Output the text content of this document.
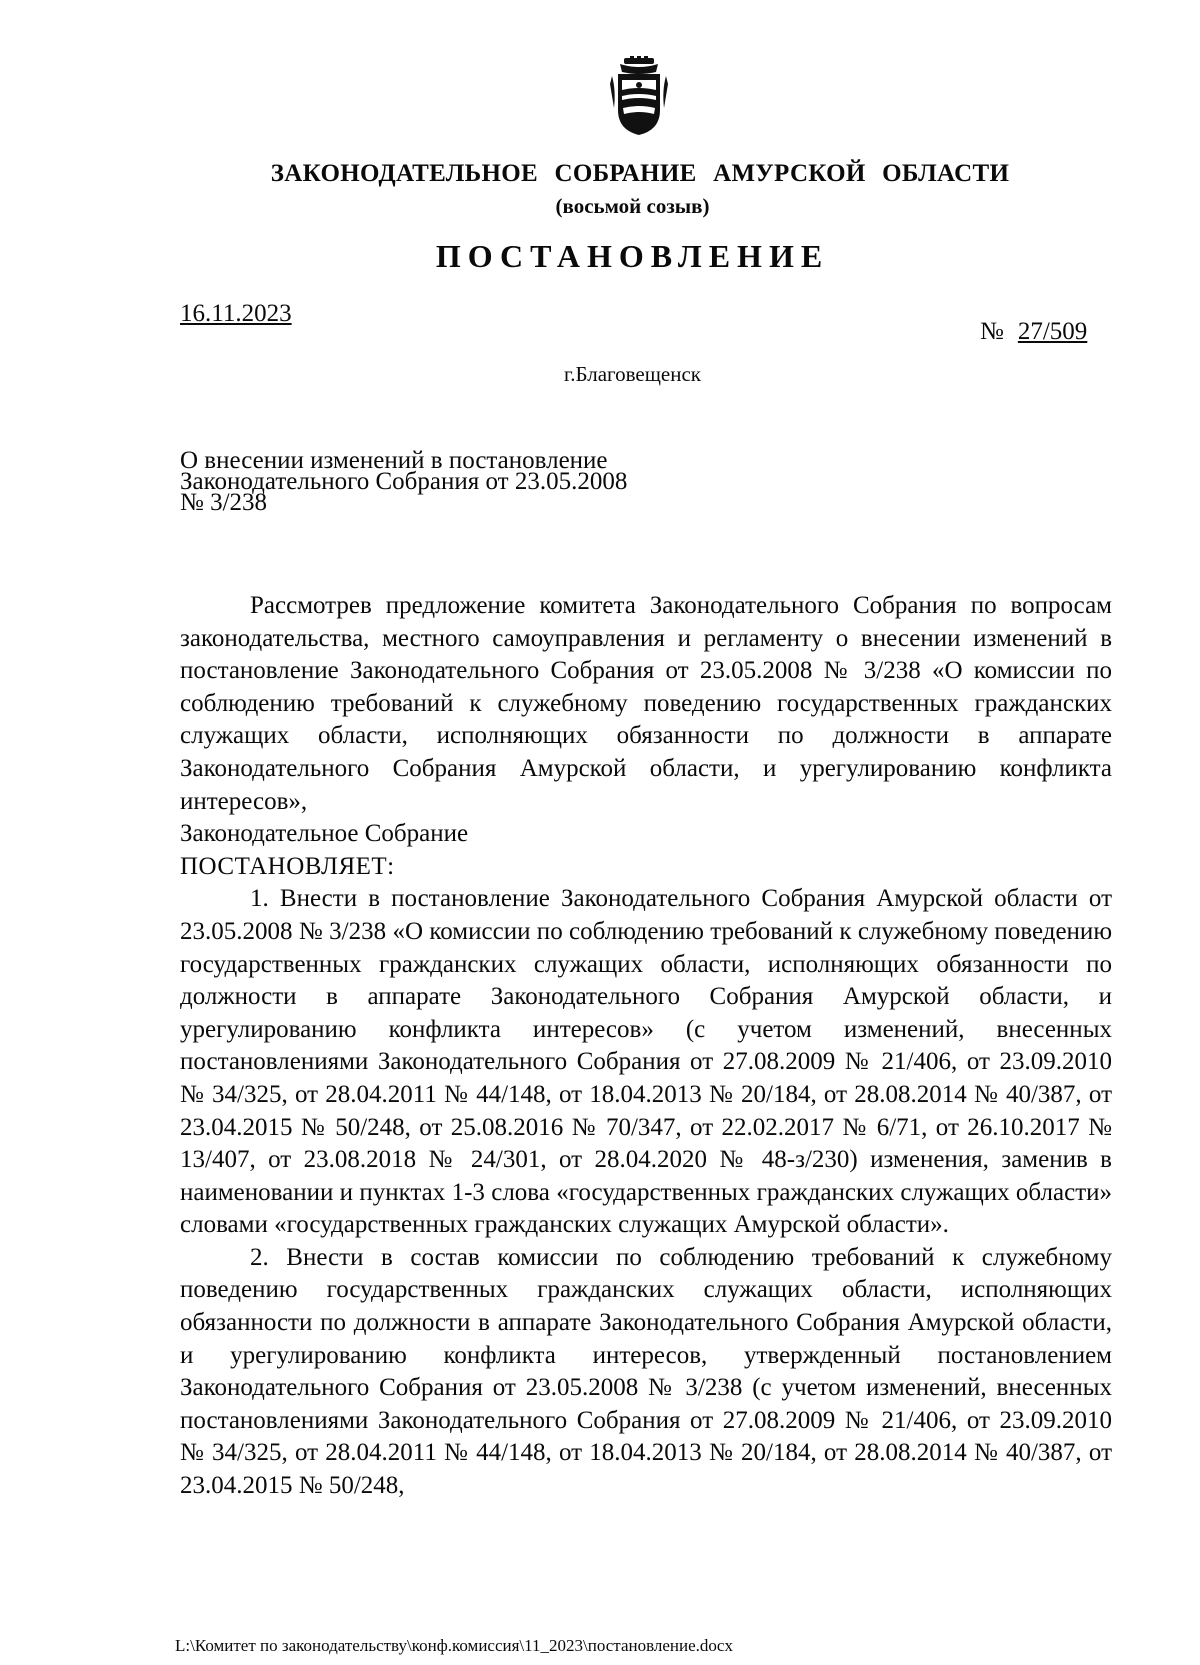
ЗАКОНОДАТЕЛЬНОЕ СОБРАНИЕ АМУРСКОЙ ОБЛАСТИ
(восьмой созыв)
ПОСТАНОВЛЕНИЕ
16.11.2023
№ 27/509
г.Благовещенск
О внесении изменений в постановление
Законодательного Собрания от 23.05.2008
№ 3/238

Рассмотрев предложение комитета Законодательного Собрания по вопросам законодательства, местного самоуправления и регламенту о внесении изменений в постановление Законодательного Собрания от 23.05.2008 № 3/238 «О комиссии по соблюдению требований к служебному поведению государственных гражданских служащих области, исполняющих обязанности по должности в аппарате Законодательного Собрания Амурской области, и урегулированию конфликта интересов»,

Законодательное Собрание

ПОСТАНОВЛЯЕТ:

1. Внести в постановление Законодательного Собрания Амурской области от 23.05.2008 № 3/238 «О комиссии по соблюдению требований к служебному поведению государственных гражданских служащих области, исполняющих обязанности по должности в аппарате Законодательного Собрания Амурской области, и урегулированию конфликта интересов» (с учетом изменений, внесенных постановлениями Законодательного Собрания от 27.08.2009 № 21/406, от 23.09.2010 № 34/325, от 28.04.2011 № 44/148, от 18.04.2013 № 20/184, от 28.08.2014 № 40/387, от 23.04.2015 № 50/248, от 25.08.2016 № 70/347, от 22.02.2017 № 6/71, от 26.10.2017 № 13/407, от 23.08.2018 № 24/301, от 28.04.2020 № 48-з/230) изменения, заменив в наименовании и пунктах 1-3 слова «государственных гражданских служащих области» словами «государственных гражданских служащих Амурской области».

2. Внести в состав комиссии по соблюдению требований к служебному поведению государственных гражданских служащих области, исполняющих обязанности по должности в аппарате Законодательного Собрания Амурской области, и урегулированию конфликта интересов, утвержденный постановлением Законодательного Собрания от 23.05.2008 № 3/238 (с учетом изменений, внесенных постановлениями Законодательного Собрания от 27.08.2009 № 21/406, от 23.09.2010 № 34/325, от 28.04.2011 № 44/148, от 18.04.2013 № 20/184, от 28.08.2014 № 40/387, от 23.04.2015 № 50/248,

L:\Комитет по законодательству\конф.комиссия\11_2023\постановление.docx
